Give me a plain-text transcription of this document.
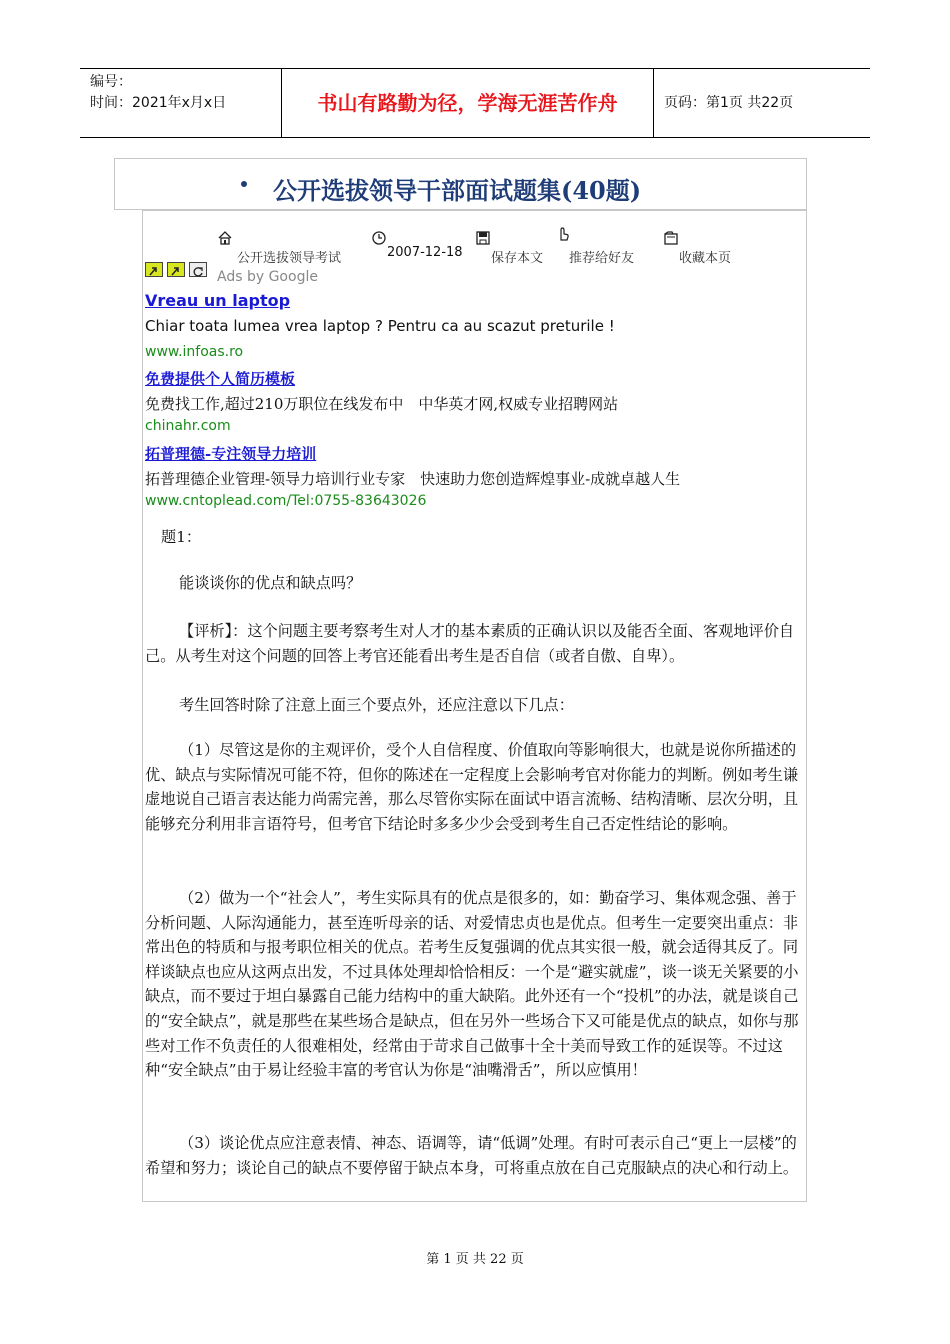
编号：
时间：2021年x月x日	书山有路勤为径，学海无涯苦作舟	页码：第1页 共22页
公开选拔领导干部面试题集(40题)
公开选拔领导考试	2007-12-18 保存本文 推荐给好友	收藏本页
Ads by Google
Vreau un laptop
Chiar toata lumea vrea laptop ? Pentru ca au scazut preturile !
www.infoas.ro
免费提供个人简历模板
免费找工作,超过210万职位在线发布中　中华英才网,权威专业招聘网站
chinahr.com
拓普理德-专注领导力培训
拓普理德企业管理-领导力培训行业专家　快速助力您创造辉煌事业-成就卓越人生
www.cntoplead.com/Tel:0755-83643026

题1：

能谈谈你的优点和缺点吗？

【评析】：这个问题主要考察考生对人才的基本素质的正确认识以及能否全面、客观地评价自己。从考生对这个问题的回答上考官还能看出考生是否自信（或者自傲、自卑）。

考生回答时除了注意上面三个要点外，还应注意以下几点：

（1）尽管这是你的主观评价，受个人自信程度、价值取向等影响很大，也就是说你所描述的优、缺点与实际情况可能不符，但你的陈述在一定程度上会影响考官对你能力的判断。例如考生谦虚地说自己语言表达能力尚需完善，那么尽管你实际在面试中语言流畅、结构清晰、层次分明，且能够充分利用非言语符号，但考官下结论时多多少少会受到考生自己否定性结论的影响。

（2）做为一个“社会人”，考生实际具有的优点是很多的，如：勤奋学习、集体观念强、善于分析问题、人际沟通能力，甚至连听母亲的话、对爱情忠贞也是优点。但考生一定要突出重点：非常出色的特质和与报考职位相关的优点。若考生反复强调的优点其实很一般，就会适得其反了。同样谈缺点也应从这两点出发，不过具体处理却恰恰相反：一个是“避实就虚”，谈一谈无关紧要的小缺点，而不要过于坦白暴露自己能力结构中的重大缺陷。此外还有一个“投机”的办法，就是谈自己的“安全缺点”，就是那些在某些场合是缺点，但在另外一些场合下又可能是优点的缺点，如你与那些对工作不负责任的人很难相处，经常由于苛求自己做事十全十美而导致工作的延误等。不过这种“安全缺点”由于易让经验丰富的考官认为你是“油嘴滑舌”，所以应慎用！

（3）谈论优点应注意表情、神态、语调等，请“低调”处理。有时可表示自己“更上一层楼”的希望和努力；谈论自己的缺点不要停留于缺点本身，可将重点放在自己克服缺点的决心和行动上。

第 1 页 共 22 页
